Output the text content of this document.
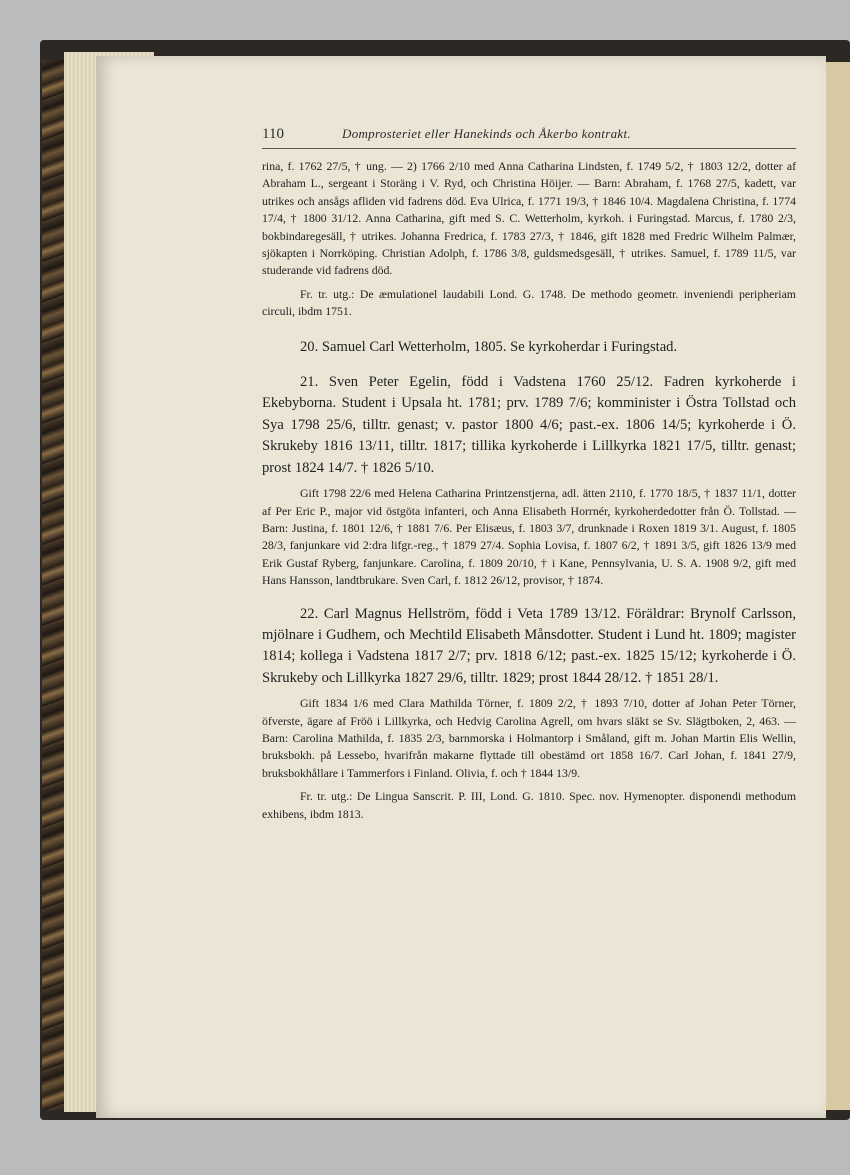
110	Domprosteriet eller Hanekinds och Åkerbo kontrakt.

rina, f. 1762 27/5, † ung. — 2) 1766 2/10 med Anna Catharina Lindsten, f. 1749 5/2, † 1803 12/2, dotter af Abraham L., sergeant i Storäng i V. Ryd, och Christina Höijer. — Barn: Abraham, f. 1768 27/5, kadett, var utrikes och ansågs afliden vid fadrens död. Eva Ulrica, f. 1771 19/3, † 1846 10/4. Magdalena Christina, f. 1774 17/4, † 1800 31/12. Anna Catharina, gift med S. C. Wetterholm, kyrkoh. i Furingstad. Marcus, f. 1780 2/3, bokbindaregesäll, † utrikes. Johanna Fredrica, f. 1783 27/3, † 1846, gift 1828 med Fredric Wilhelm Palmær, sjökapten i Norrköping. Christian Adolph, f. 1786 3/8, guldsmedsgesäll, † utrikes. Samuel, f. 1789 11/5, var studerande vid fadrens död.

Fr. tr. utg.: De æmulationel laudabili Lond. G. 1748. De methodo geometr. inveniendi peripheriam circuli, ibdm 1751.

20. Samuel Carl Wetterholm, 1805. Se kyrkoherdar i Furingstad.

21. Sven Peter Egelin, född i Vadstena 1760 25/12. Fadren kyrkoherde i Ekebyborna. Student i Upsala ht. 1781; prv. 1789 7/6; komminister i Östra Tollstad och Sya 1798 25/6, tilltr. genast; v. pastor 1800 4/6; past.-ex. 1806 14/5; kyrkoherde i Ö. Skrukeby 1816 13/11, tilltr. 1817; tillika kyrkoherde i Lillkyrka 1821 17/5, tilltr. genast; prost 1824 14/7. † 1826 5/10.

Gift 1798 22/6 med Helena Catharina Printzenstjerna, adl. ätten 2110, f. 1770 18/5, † 1837 11/1, dotter af Per Eric P., major vid östgöta infanteri, och Anna Elisabeth Horrnér, kyrkoherdedotter från Ö. Tollstad. — Barn: Justina, f. 1801 12/6, † 1881 7/6. Per Elisæus, f. 1803 3/7, drunknade i Roxen 1819 3/1. August, f. 1805 28/3, fanjunkare vid 2:dra lifgr.-reg., † 1879 27/4. Sophia Lovisa, f. 1807 6/2, † 1891 3/5, gift 1826 13/9 med Erik Gustaf Ryberg, fanjunkare. Carolina, f. 1809 20/10, † i Kane, Pennsylvania, U. S. A. 1908 9/2, gift med Hans Hansson, landtbrukare. Sven Carl, f. 1812 26/12, provisor, † 1874.

22. Carl Magnus Hellström, född i Veta 1789 13/12. Föräldrar: Brynolf Carlsson, mjölnare i Gudhem, och Mechtild Elisabeth Månsdotter. Student i Lund ht. 1809; magister 1814; kollega i Vadstena 1817 2/7; prv. 1818 6/12; past.-ex. 1825 15/12; kyrkoherde i Ö. Skrukeby och Lillkyrka 1827 29/6, tilltr. 1829; prost 1844 28/12. † 1851 28/1.

Gift 1834 1/6 med Clara Mathilda Törner, f. 1809 2/2, † 1893 7/10, dotter af Johan Peter Törner, öfverste, ägare af Fröö i Lillkyrka, och Hedvig Carolina Agrell, om hvars släkt se Sv. Slägtboken, 2, 463. — Barn: Carolina Mathilda, f. 1835 2/3, barnmorska i Holmantorp i Småland, gift m. Johan Martin Elis Wellin, bruksbokh. på Lessebo, hvarifrån makarne flyttade till obestämd ort 1858 16/7. Carl Johan, f. 1841 27/9, bruksbokhållare i Tammerfors i Finland. Olivia, f. och † 1844 13/9.

Fr. tr. utg.: De Lingua Sanscrit. P. III, Lond. G. 1810. Spec. nov. Hymenopter. disponendi methodum exhibens, ibdm 1813.
